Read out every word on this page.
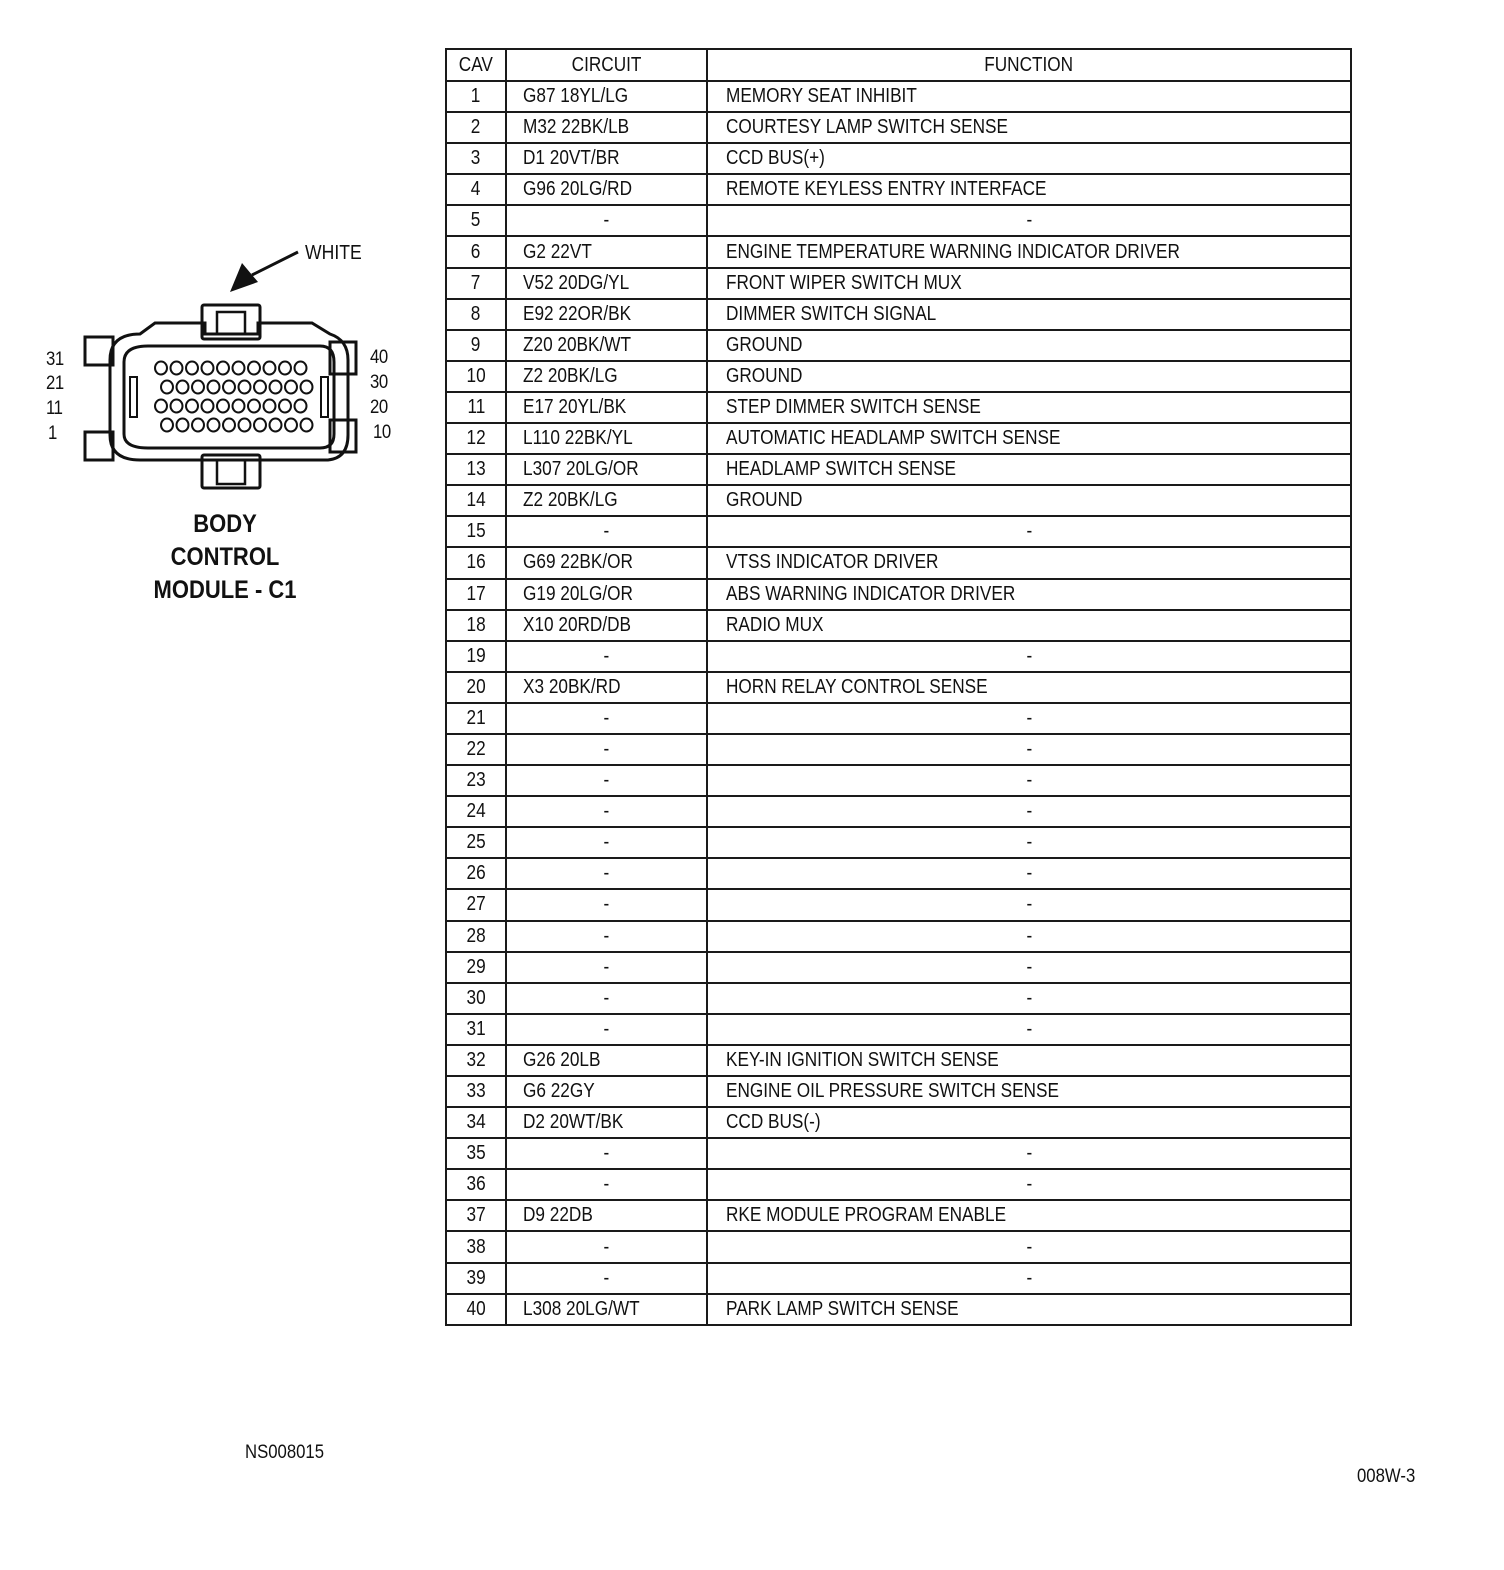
WHITE
31
21
11
1
40
30
20
10
BODY
CONTROL
MODULE - C1
CAV	CIRCUIT	FUNCTION
1	G87 18YL/LG	MEMORY SEAT INHIBIT
2	M32 22BK/LB	COURTESY LAMP SWITCH SENSE
3	D1 20VT/BR	CCD BUS(+)
4	G96 20LG/RD	REMOTE KEYLESS ENTRY INTERFACE
5	-	-
6	G2 22VT	ENGINE TEMPERATURE WARNING INDICATOR DRIVER
7	V52 20DG/YL	FRONT WIPER SWITCH MUX
8	E92 22OR/BK	DIMMER SWITCH SIGNAL
9	Z20 20BK/WT	GROUND
10	Z2 20BK/LG	GROUND
11	E17 20YL/BK	STEP DIMMER SWITCH SENSE
12	L110 22BK/YL	AUTOMATIC HEADLAMP SWITCH SENSE
13	L307 20LG/OR	HEADLAMP SWITCH SENSE
14	Z2 20BK/LG	GROUND
15	-	-
16	G69 22BK/OR	VTSS INDICATOR DRIVER
17	G19 20LG/OR	ABS WARNING INDICATOR DRIVER
18	X10 20RD/DB	RADIO MUX
19	-	-
20	X3 20BK/RD	HORN RELAY CONTROL SENSE
21	-	-
22	-	-
23	-	-
24	-	-
25	-	-
26	-	-
27	-	-
28	-	-
29	-	-
30	-	-
31	-	-
32	G26 20LB	KEY-IN IGNITION SWITCH SENSE
33	G6 22GY	ENGINE OIL PRESSURE SWITCH SENSE
34	D2 20WT/BK	CCD BUS(-)
35	-	-
36	-	-
37	D9 22DB	RKE MODULE PROGRAM ENABLE
38	-	-
39	-	-
40	L308 20LG/WT	PARK LAMP SWITCH SENSE
NS008015
008W-3
